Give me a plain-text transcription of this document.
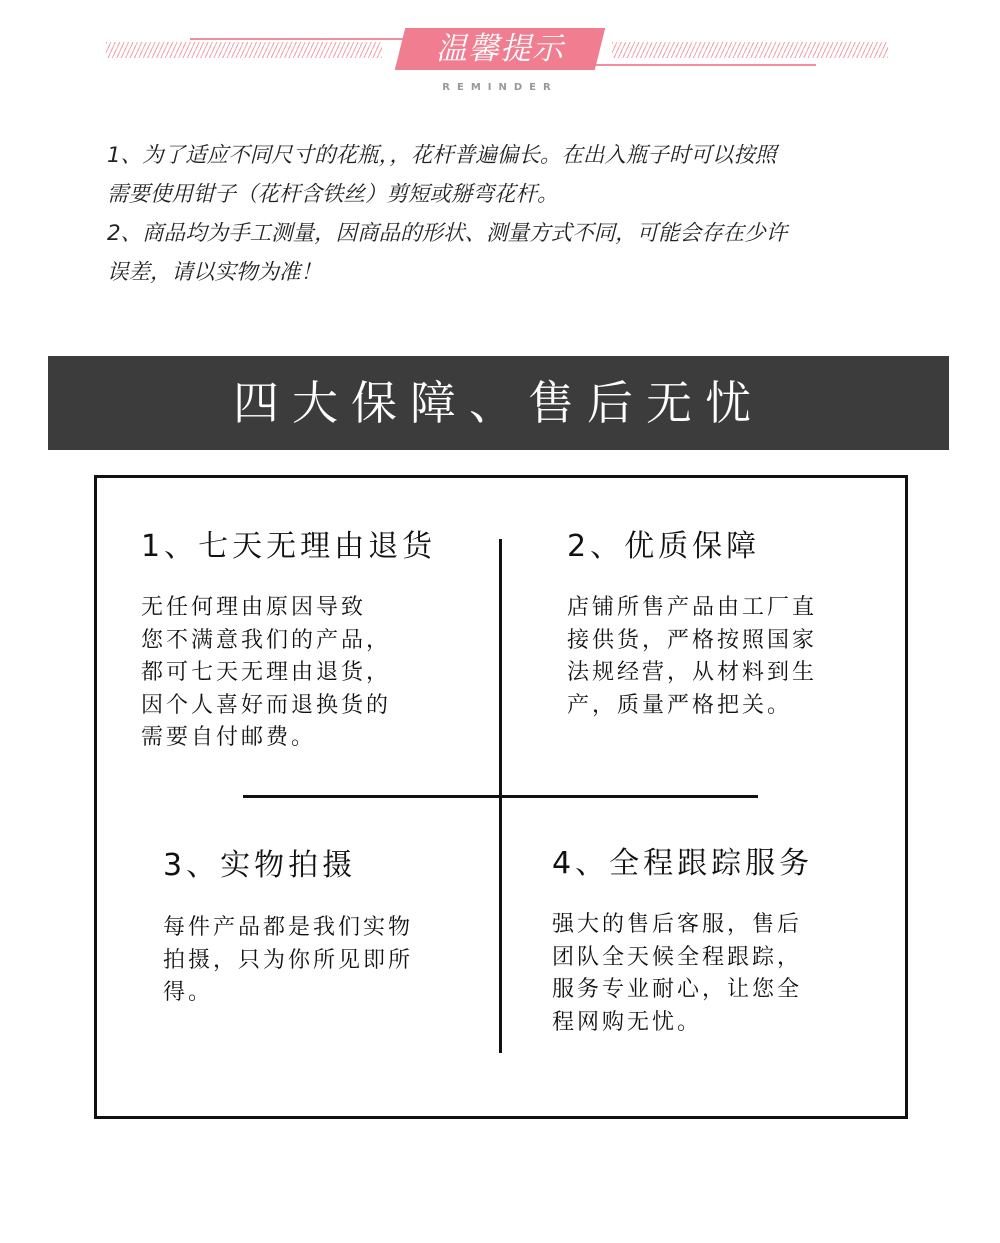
温馨提示
REMINDER

1、为了适应不同尺寸的花瓶，，花杆普遍偏长。在出入瓶子时可以按照

需要使用钳子（花杆含铁丝）剪短或掰弯花杆。

2、商品均为手工测量，因商品的形状、测量方式不同，可能会存在少许

误差，请以实物为准！

四大保障、售后无忧
1、七天无理由退货

无任何理由原因导致

您不满意我们的产品，

都可七天无理由退货，

因个人喜好而退换货的

需要自付邮费。

2、优质保障

店铺所售产品由工厂直

接供货，严格按照国家

法规经营，从材料到生

产，质量严格把关。

3、实物拍摄

每件产品都是我们实物

拍摄，只为你所见即所

得。

4、全程跟踪服务

强大的售后客服，售后

团队全天候全程跟踪，

服务专业耐心，让您全

程网购无忧。
